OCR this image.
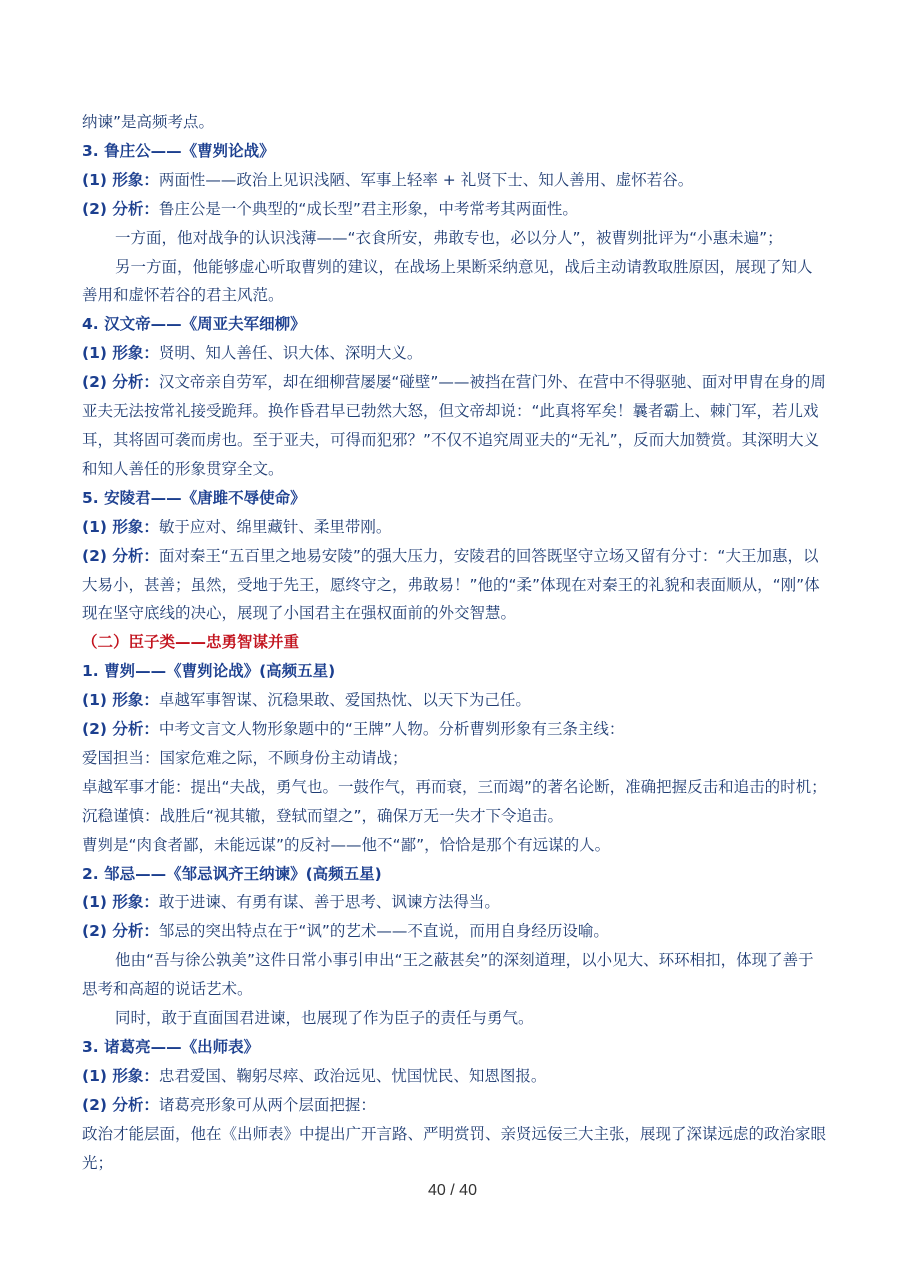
纳谏”是高频考点。
3. 鲁庄公——《曹刿论战》
(1) 形象：两面性——政治上见识浅陋、军事上轻率 + 礼贤下士、知人善用、虚怀若谷。
(2) 分析：鲁庄公是一个典型的“成长型”君主形象，中考常考其两面性。
一方面，他对战争的认识浅薄——“衣食所安，弗敢专也，必以分人”，被曹刿批评为“小惠未遍”；
另一方面，他能够虚心听取曹刿的建议，在战场上果断采纳意见，战后主动请教取胜原因，展现了知人善用和虚怀若谷的君主风范。
4. 汉文帝——《周亚夫军细柳》
(1) 形象：贤明、知人善任、识大体、深明大义。
(2) 分析：汉文帝亲自劳军，却在细柳营屡屡“碰壁”——被挡在营门外、在营中不得驱驰、面对甲胄在身的周亚夫无法按常礼接受跪拜。换作昏君早已勃然大怒，但文帝却说：“此真将军矣！曩者霸上、棘门军，若儿戏耳，其将固可袭而虏也。至于亚夫，可得而犯邪？”不仅不追究周亚夫的“无礼”，反而大加赞赏。其深明大义和知人善任的形象贯穿全文。
5. 安陵君——《唐雎不辱使命》
(1) 形象：敏于应对、绵里藏针、柔里带刚。
(2) 分析：面对秦王“五百里之地易安陵”的强大压力，安陵君的回答既坚守立场又留有分寸：“大王加惠，以大易小，甚善；虽然，受地于先王，愿终守之，弗敢易！”他的“柔”体现在对秦王的礼貌和表面顺从，“刚”体现在坚守底线的决心，展现了小国君主在强权面前的外交智慧。
（二）臣子类——忠勇智谋并重
1. 曹刿——《曹刿论战》(高频五星)
(1) 形象：卓越军事智谋、沉稳果敢、爱国热忱、以天下为己任。
(2) 分析：中考文言文人物形象题中的“王牌”人物。分析曹刿形象有三条主线：
爱国担当：国家危难之际，不顾身份主动请战；
卓越军事才能：提出“夫战，勇气也。一鼓作气，再而衰，三而竭”的著名论断，准确把握反击和追击的时机；
沉稳谨慎：战胜后“视其辙，登轼而望之”，确保万无一失才下令追击。
曹刿是“肉食者鄙，未能远谋”的反衬——他不“鄙”，恰恰是那个有远谋的人。
2. 邹忌——《邹忌讽齐王纳谏》(高频五星)
(1) 形象：敢于进谏、有勇有谋、善于思考、讽谏方法得当。
(2) 分析：邹忌的突出特点在于“讽”的艺术——不直说，而用自身经历设喻。
他由“吾与徐公孰美”这件日常小事引申出“王之蔽甚矣”的深刻道理，以小见大、环环相扣，体现了善于思考和高超的说话艺术。
同时，敢于直面国君进谏，也展现了作为臣子的责任与勇气。
3. 诸葛亮——《出师表》
(1) 形象：忠君爱国、鞠躬尽瘁、政治远见、忧国忧民、知恩图报。
(2) 分析：诸葛亮形象可从两个层面把握：
政治才能层面，他在《出师表》中提出广开言路、严明赏罚、亲贤远佞三大主张，展现了深谋远虑的政治家眼光；
40 / 40
